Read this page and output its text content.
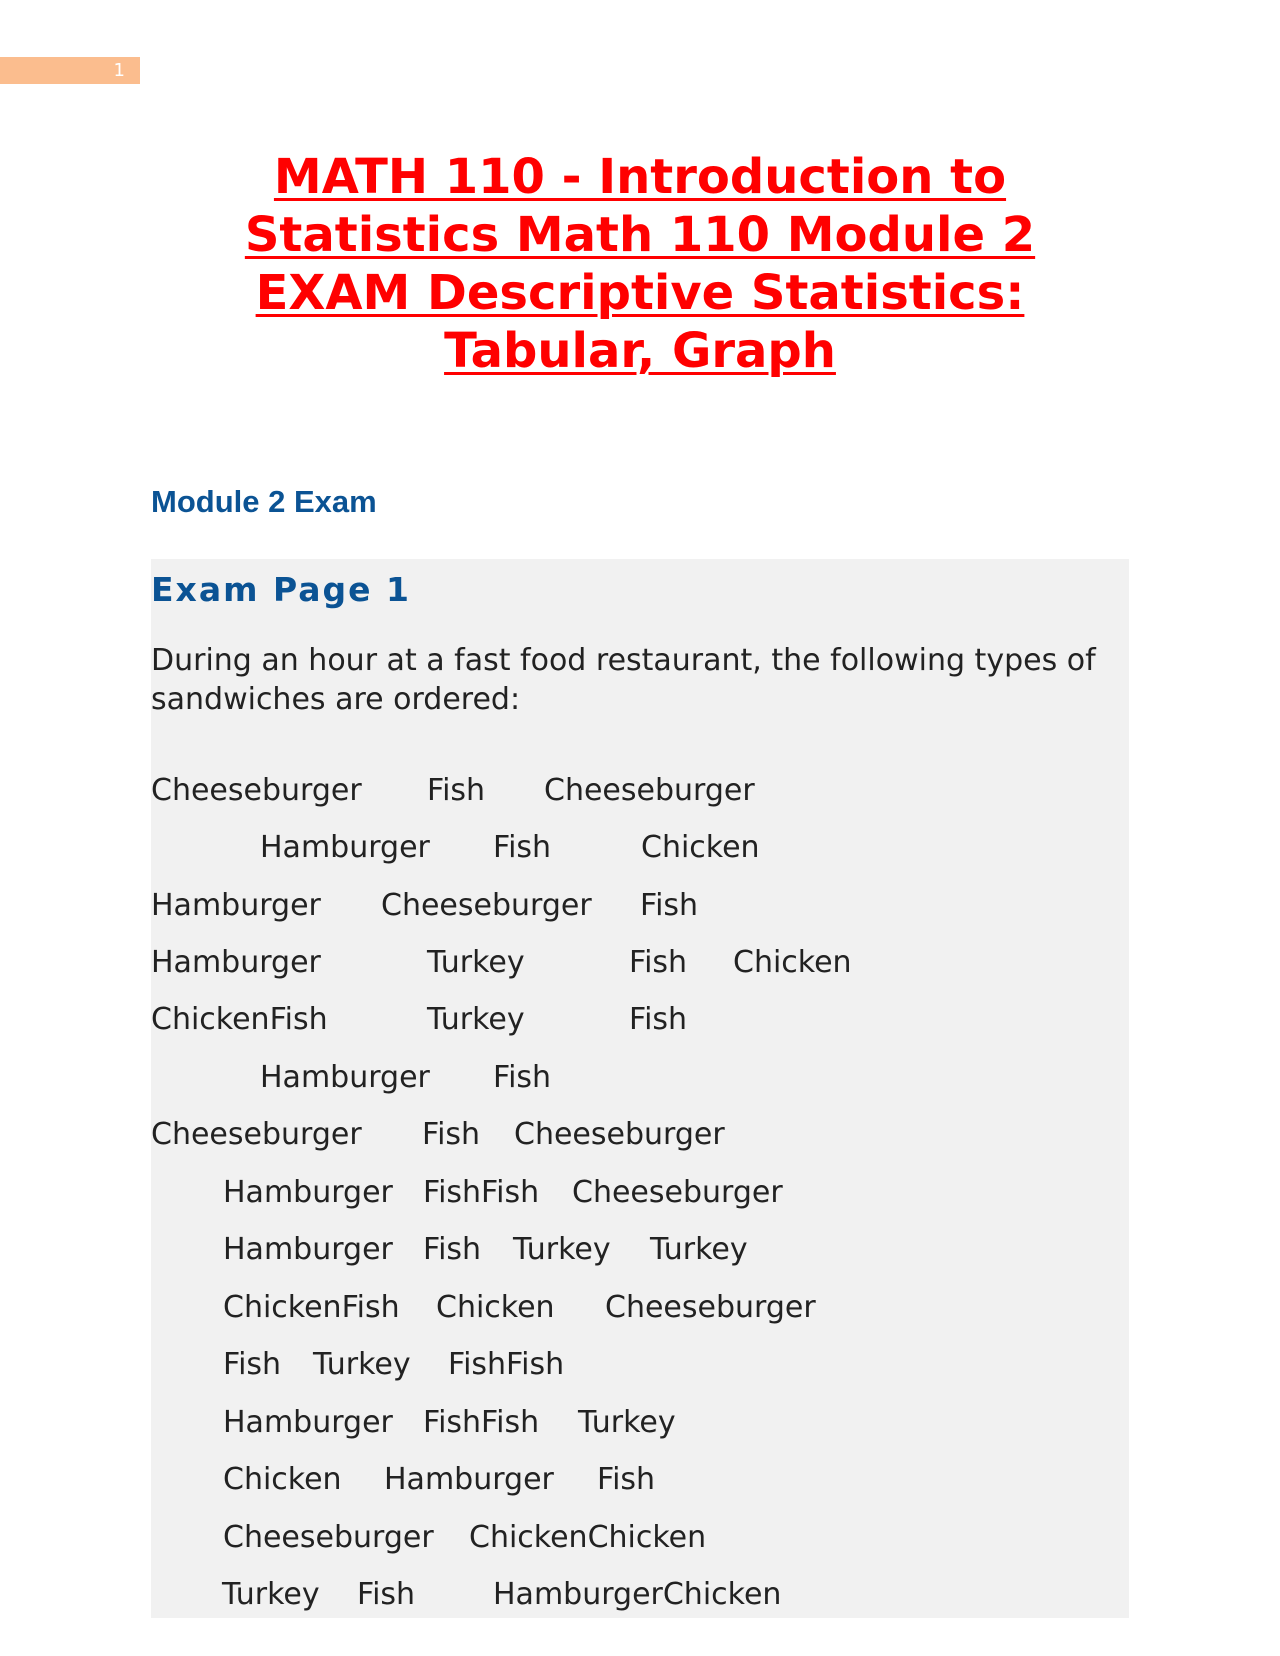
1
MATH 110 - Introduction to Statistics Math 110 Module 2 EXAM Descriptive Statistics: Tabular, Graph
Module 2 Exam
Exam Page 1

During an hour at a fast food restaurant, the following types of sandwiches are ordered:

Cheeseburger Fish Cheeseburger
Hamburger Fish	Chicken
Hamburger Cheeseburger Fish
Hamburger	Turkey	Fish Chicken
ChickenFish	Turkey	Fish
Hamburger Fish
Cheeseburger Fish Cheeseburger
Hamburger FishFish Cheeseburger
Hamburger Fish Turkey Turkey
ChickenFish Chicken Cheeseburger
Fish Turkey FishFish
Hamburger FishFish Turkey
Chicken Hamburger Fish
Cheeseburger ChickenChicken
Turkey Fish	HamburgerChicken
